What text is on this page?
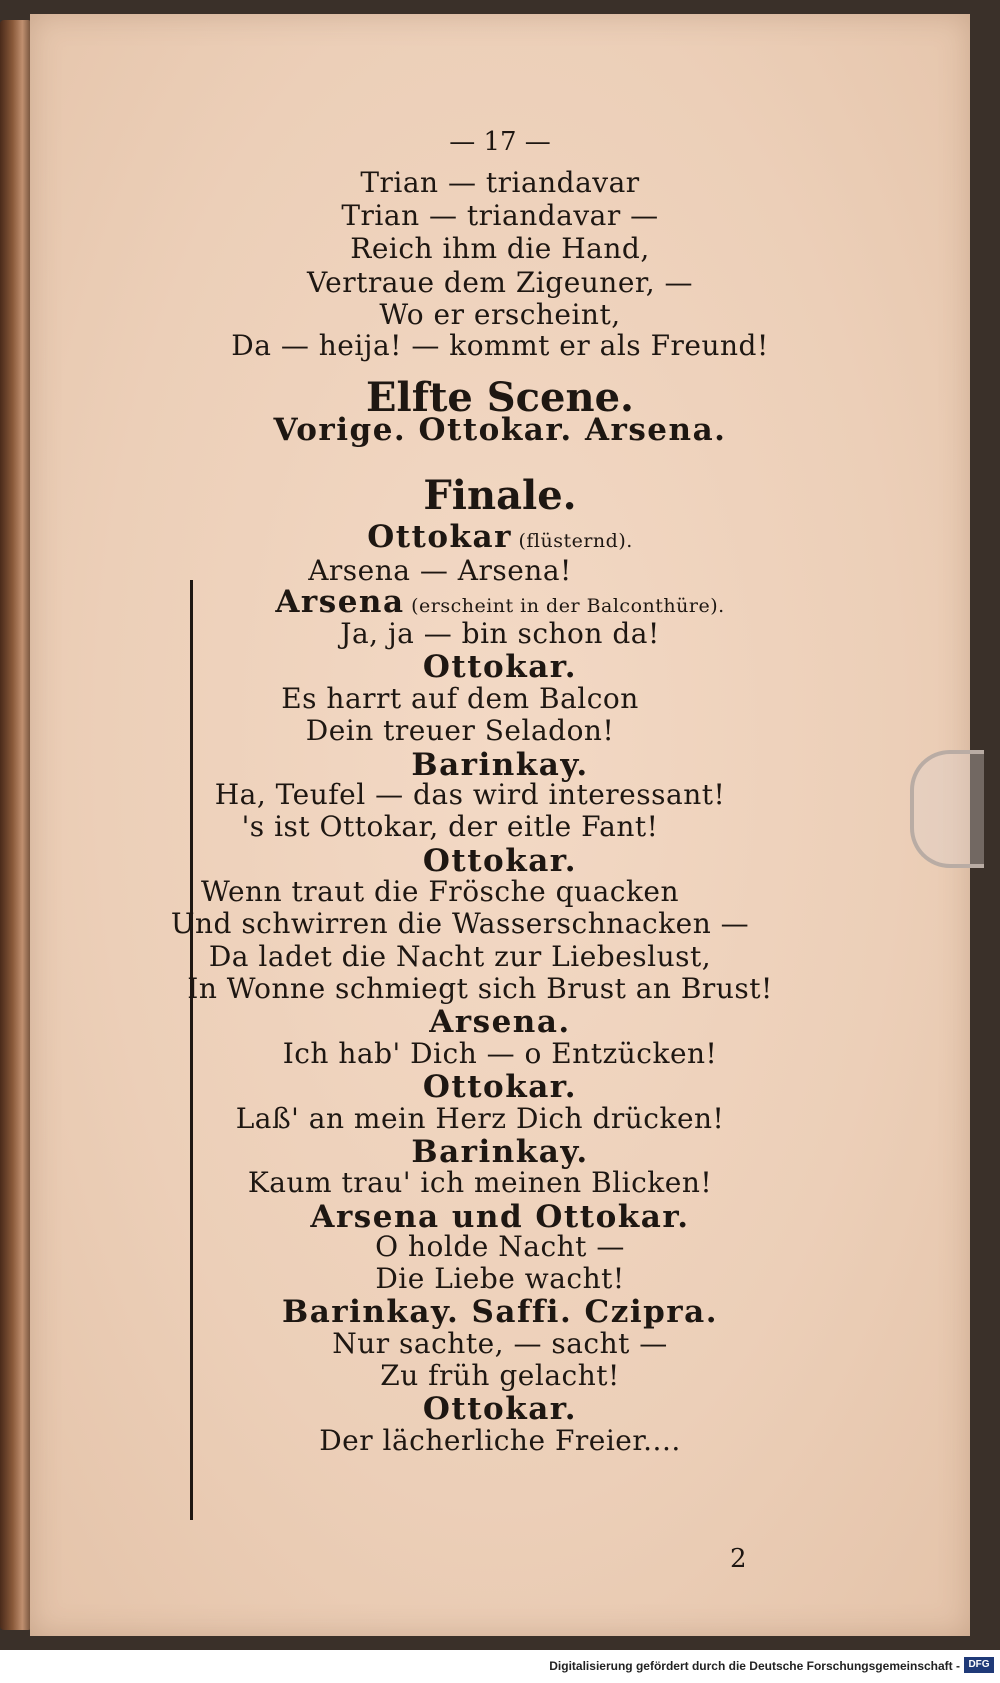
— 17 —
Trian — triandavar
Trian — triandavar —
Reich ihm die Hand,
Vertraue dem Zigeuner, —
Wo er erscheint,
Da — heija! — kommt er als Freund!
Elfte Scene.
Vorige. Ottokar. Arsena.
Finale.
Ottokar (flüsternd).
Arsena — Arsena!
Arsena (erscheint in der Balconthüre).
Ja, ja — bin schon da!
Ottokar.
Es harrt auf dem Balcon
Dein treuer Seladon!
Barinkay.
Ha, Teufel — das wird interessant!
's ist Ottokar, der eitle Fant!
Ottokar.
Wenn traut die Frösche quacken
Und schwirren die Wasserschnacken —
Da ladet die Nacht zur Liebeslust,
In Wonne schmiegt sich Brust an Brust!
Arsena.
Ich hab' Dich — o Entzücken!
Ottokar.
Laß' an mein Herz Dich drücken!
Barinkay.
Kaum trau' ich meinen Blicken!
Arsena und Ottokar.
O holde Nacht —
Die Liebe wacht!
Barinkay. Saffi. Czipra.
Nur sachte, — sacht —
Zu früh gelacht!
Ottokar.
Der lächerliche Freier....
2
Digitalisierung gefördert durch die Deutsche Forschungsgemeinschaft - DFG
